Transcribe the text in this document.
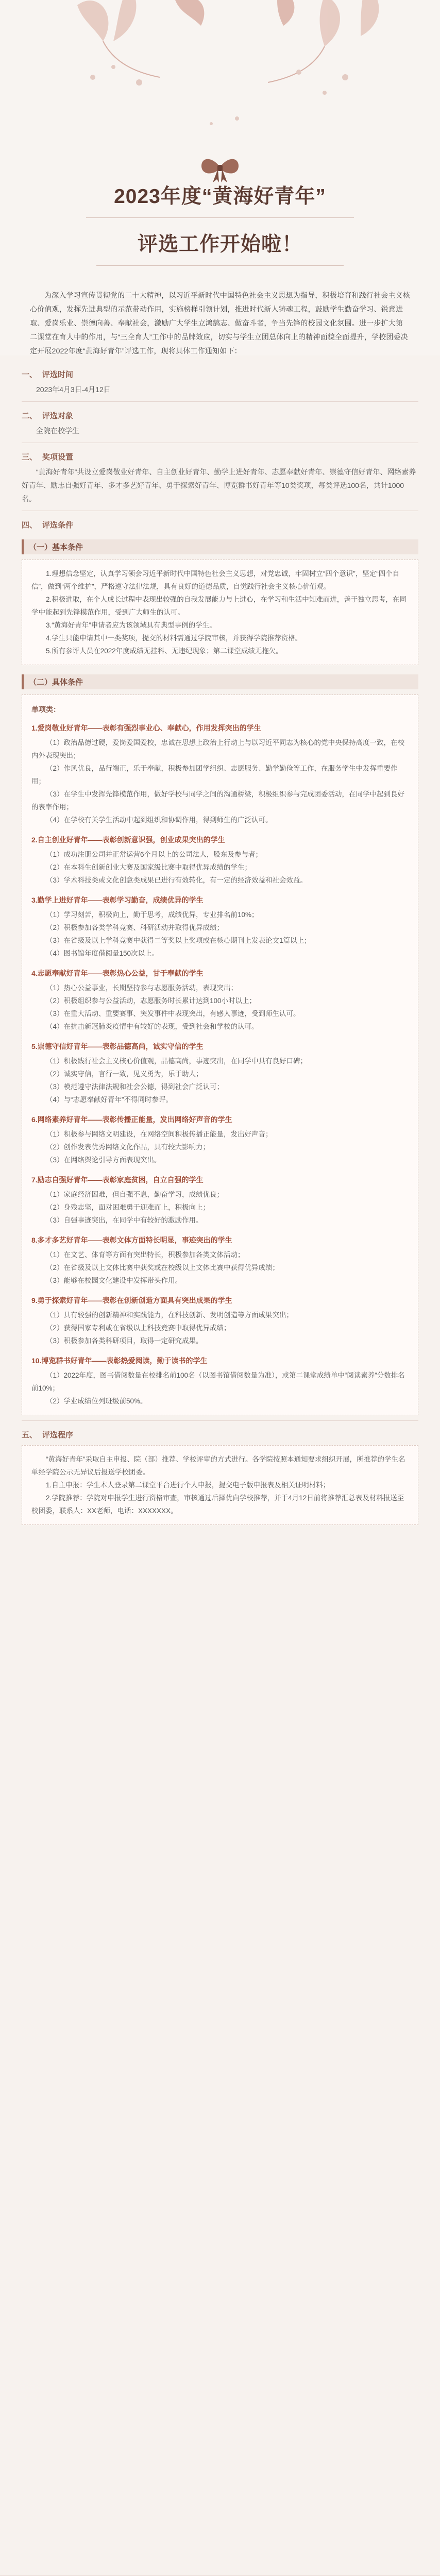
2023年度“黄海好青年”

评选工作开始啦！

为深入学习宣传贯彻党的二十大精神，以习近平新时代中国特色社会主义思想为指导，积极培育和践行社会主义核心价值观，发挥先进典型的示范带动作用，实施榜样引领计划，推进时代新人铸魂工程，鼓励学生勤奋学习、锐意进取、爱岗乐业、崇德向善、奉献社会，激励广大学生立鸿鹄志、做奋斗者，争当先锋的校园文化氛围。进一步扩大第二课堂在育人中的作用，与“三全育人”工作中的品牌效应，切实与学生立团总体向上的精神面貌全面提升，学校团委决定开展2022年度“黄海好青年”评选工作，现将具体工作通知如下：
一、 评选时间
2023年4月3日-4月12日
二、 评选对象
全院在校学生
三、 奖项设置
“黄海好青年”共设立爱岗敬业好青年、自主创业好青年、勤学上进好青年、志愿奉献好青年、崇德守信好青年、网络素养好青年、励志自强好青年、多才多艺好青年、勇于探索好青年、博览群书好青年等10类奖项，每类评选100名，共计1000名。
四、 评选条件
（一）基本条件

1.理想信念坚定，认真学习领会习近平新时代中国特色社会主义思想，对党忠诚，牢固树立“四个意识”，坚定“四个自信”，做到“两个维护”，严格遵守法律法规，具有良好的道德品质，自觉践行社会主义核心价值观。

2.积极进取，在个人成长过程中表现出较强的自我发展能力与上进心，在学习和生活中知难而进，善于独立思考，在同学中能起到先锋模范作用，受到广大师生的认可。

3.“黄海好青年”申请者应为该领域具有典型事例的学生。

4.学生只能申请其中一类奖项，提交的材料需通过学院审核，并获得学院推荐资格。

5.所有参评人员在2022年度成绩无挂科、无违纪现象；第二课堂成绩无拖欠。

（二）具体条件
单项类：
1.爱岗敬业好青年——表彰有强烈事业心、奉献心，作用发挥突出的学生

（1）政治品德过硬，爱岗爱国爱校，忠诚在思想上政治上行动上与以习近平同志为核心的党中央保持高度一致，在校内外表现突出；

（2）作风优良，品行端正，乐于奉献，积极参加团学组织、志愿服务、勤学勤俭等工作，在服务学生中发挥重要作用；

（3）在学生中发挥先锋模范作用，做好学校与同学之间的沟通桥梁，积极组织参与完成团委活动，在同学中起到良好的表率作用；

（4）在学校有关学生活动中起到组织和协调作用，得到师生的广泛认可。

2.自主创业好青年——表彰创新意识强，创业成果突出的学生

（1）成功注册公司并正常运营6个月以上的公司法人，股东及参与者；

（2）在本科生创新创业大赛及国家级比赛中取得优异成绩的学生；

（3）学术科技类或文化创意类成果已进行有效转化，有一定的经济效益和社会效益。

3.勤学上进好青年——表彰学习勤奋，成绩优异的学生

（1）学习刻苦，积极向上，勤于思考，成绩优异，专业排名前10%；

（2）积极参加各类学科竞赛、科研活动并取得优异成绩；

（3）在省级及以上学科竞赛中获得二等奖以上奖项或在核心期刊上发表论文1篇以上；

（4）图书馆年度借阅量150次以上。

4.志愿奉献好青年——表彰热心公益，甘于奉献的学生

（1）热心公益事业，长期坚持参与志愿服务活动，表现突出；

（2）积极组织参与公益活动，志愿服务时长累计达到100小时以上；

（3）在重大活动、重要赛事、突发事件中表现突出，有感人事迹，受到师生认可。

（4）在抗击新冠肺炎疫情中有较好的表现，受到社会和学校的认可。

5.崇德守信好青年——表彰品德高尚，诚实守信的学生

（1）积极践行社会主义核心价值观，品德高尚，事迹突出，在同学中具有良好口碑；

（2）诚实守信，言行一致，见义勇为，乐于助人；

（3）模范遵守法律法规和社会公德，得到社会广泛认可；

（4）与“志愿奉献好青年”不得同时参评。

6.网络素养好青年——表彰传播正能量，发出网络好声音的学生

（1）积极参与网络文明建设，在网络空间积极传播正能量，发出好声音；

（2）创作发表优秀网络文化作品，具有较大影响力；

（3）在网络舆论引导方面表现突出。

7.励志自强好青年——表彰家庭贫困，自立自强的学生

（1）家庭经济困难，但自强不息，勤奋学习，成绩优良；

（2）身残志坚，面对困难勇于迎难而上，积极向上；

（3）自强事迹突出，在同学中有较好的激励作用。

8.多才多艺好青年——表彰文体方面特长明显，事迹突出的学生

（1）在文艺、体育等方面有突出特长，积极参加各类文体活动；

（2）在省级及以上文体比赛中获奖或在校级以上文体比赛中获得优异成绩；

（3）能够在校园文化建设中发挥带头作用。

9.勇于探索好青年——表彰在创新创造方面具有突出成果的学生

（1）具有较强的创新精神和实践能力，在科技创新、发明创造等方面成果突出；

（2）获得国家专利或在省级以上科技竞赛中取得优异成绩；

（3）积极参加各类科研项目，取得一定研究成果。

10.博览群书好青年——表彰热爱阅读，勤于读书的学生

（1）2022年度，图书借阅数量在校排名前100名（以图书馆借阅数量为准），或第二课堂成绩单中“阅读素养”分数排名前10%；

（2）学业成绩位列班级前50%。

五、 评选程序

“黄海好青年”采取自主申报、院（部）推荐、学校评审的方式进行。各学院按照本通知要求组织开展，所推荐的学生名单经学院公示无异议后报送学校团委。

1.自主申报：学生本人登录第二课堂平台进行个人申报，提交电子版申报表及相关证明材料；

2.学院推荐：学院对申报学生进行资格审查，审核通过后择优向学校推荐，并于4月12日前将推荐汇总表及材料报送至校团委，联系人：XX老师，电话：XXXXXXX。
